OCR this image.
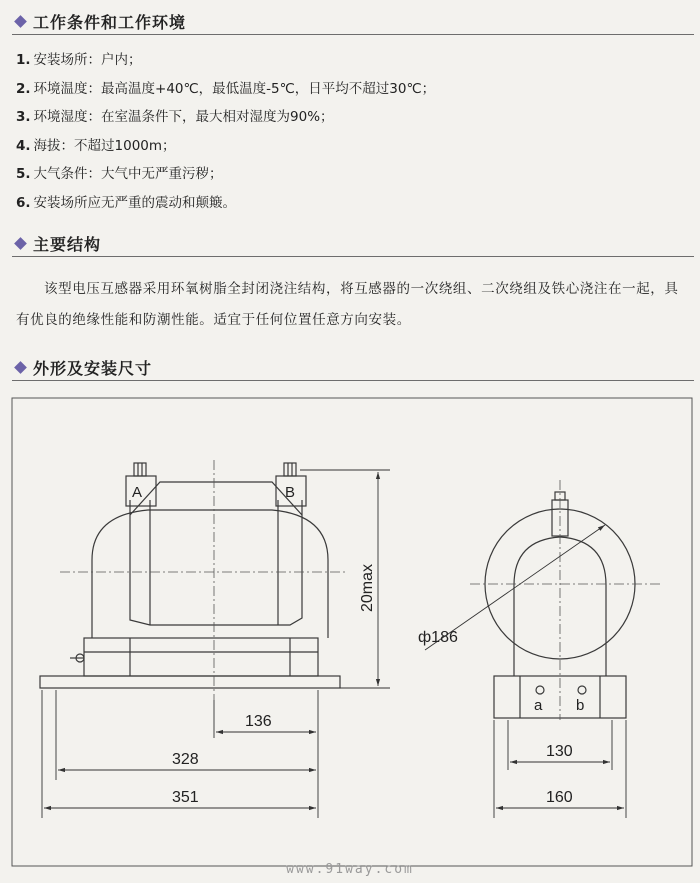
工作条件和工作环境
1. 安装场所：户内；
2. 环境温度：最高温度+40℃，最低温度-5℃，日平均不超过30℃；
3. 环境湿度：在室温条件下，最大相对湿度为90%；
4. 海拔：不超过1000m；
5. 大气条件：大气中无严重污秽；
6. 安装场所应无严重的震动和颠簸。
主要结构
该型电压互感器采用环氧树脂全封闭浇注结构，将互感器的一次绕组、二次绕组及铁心浇注在一起，具有优良的绝缘性能和防潮性能。适宜于任何位置任意方向安装。
外形及安装尺寸
A	B
20max
136
328
351
ф186
a b
130
160
www.91way.com
